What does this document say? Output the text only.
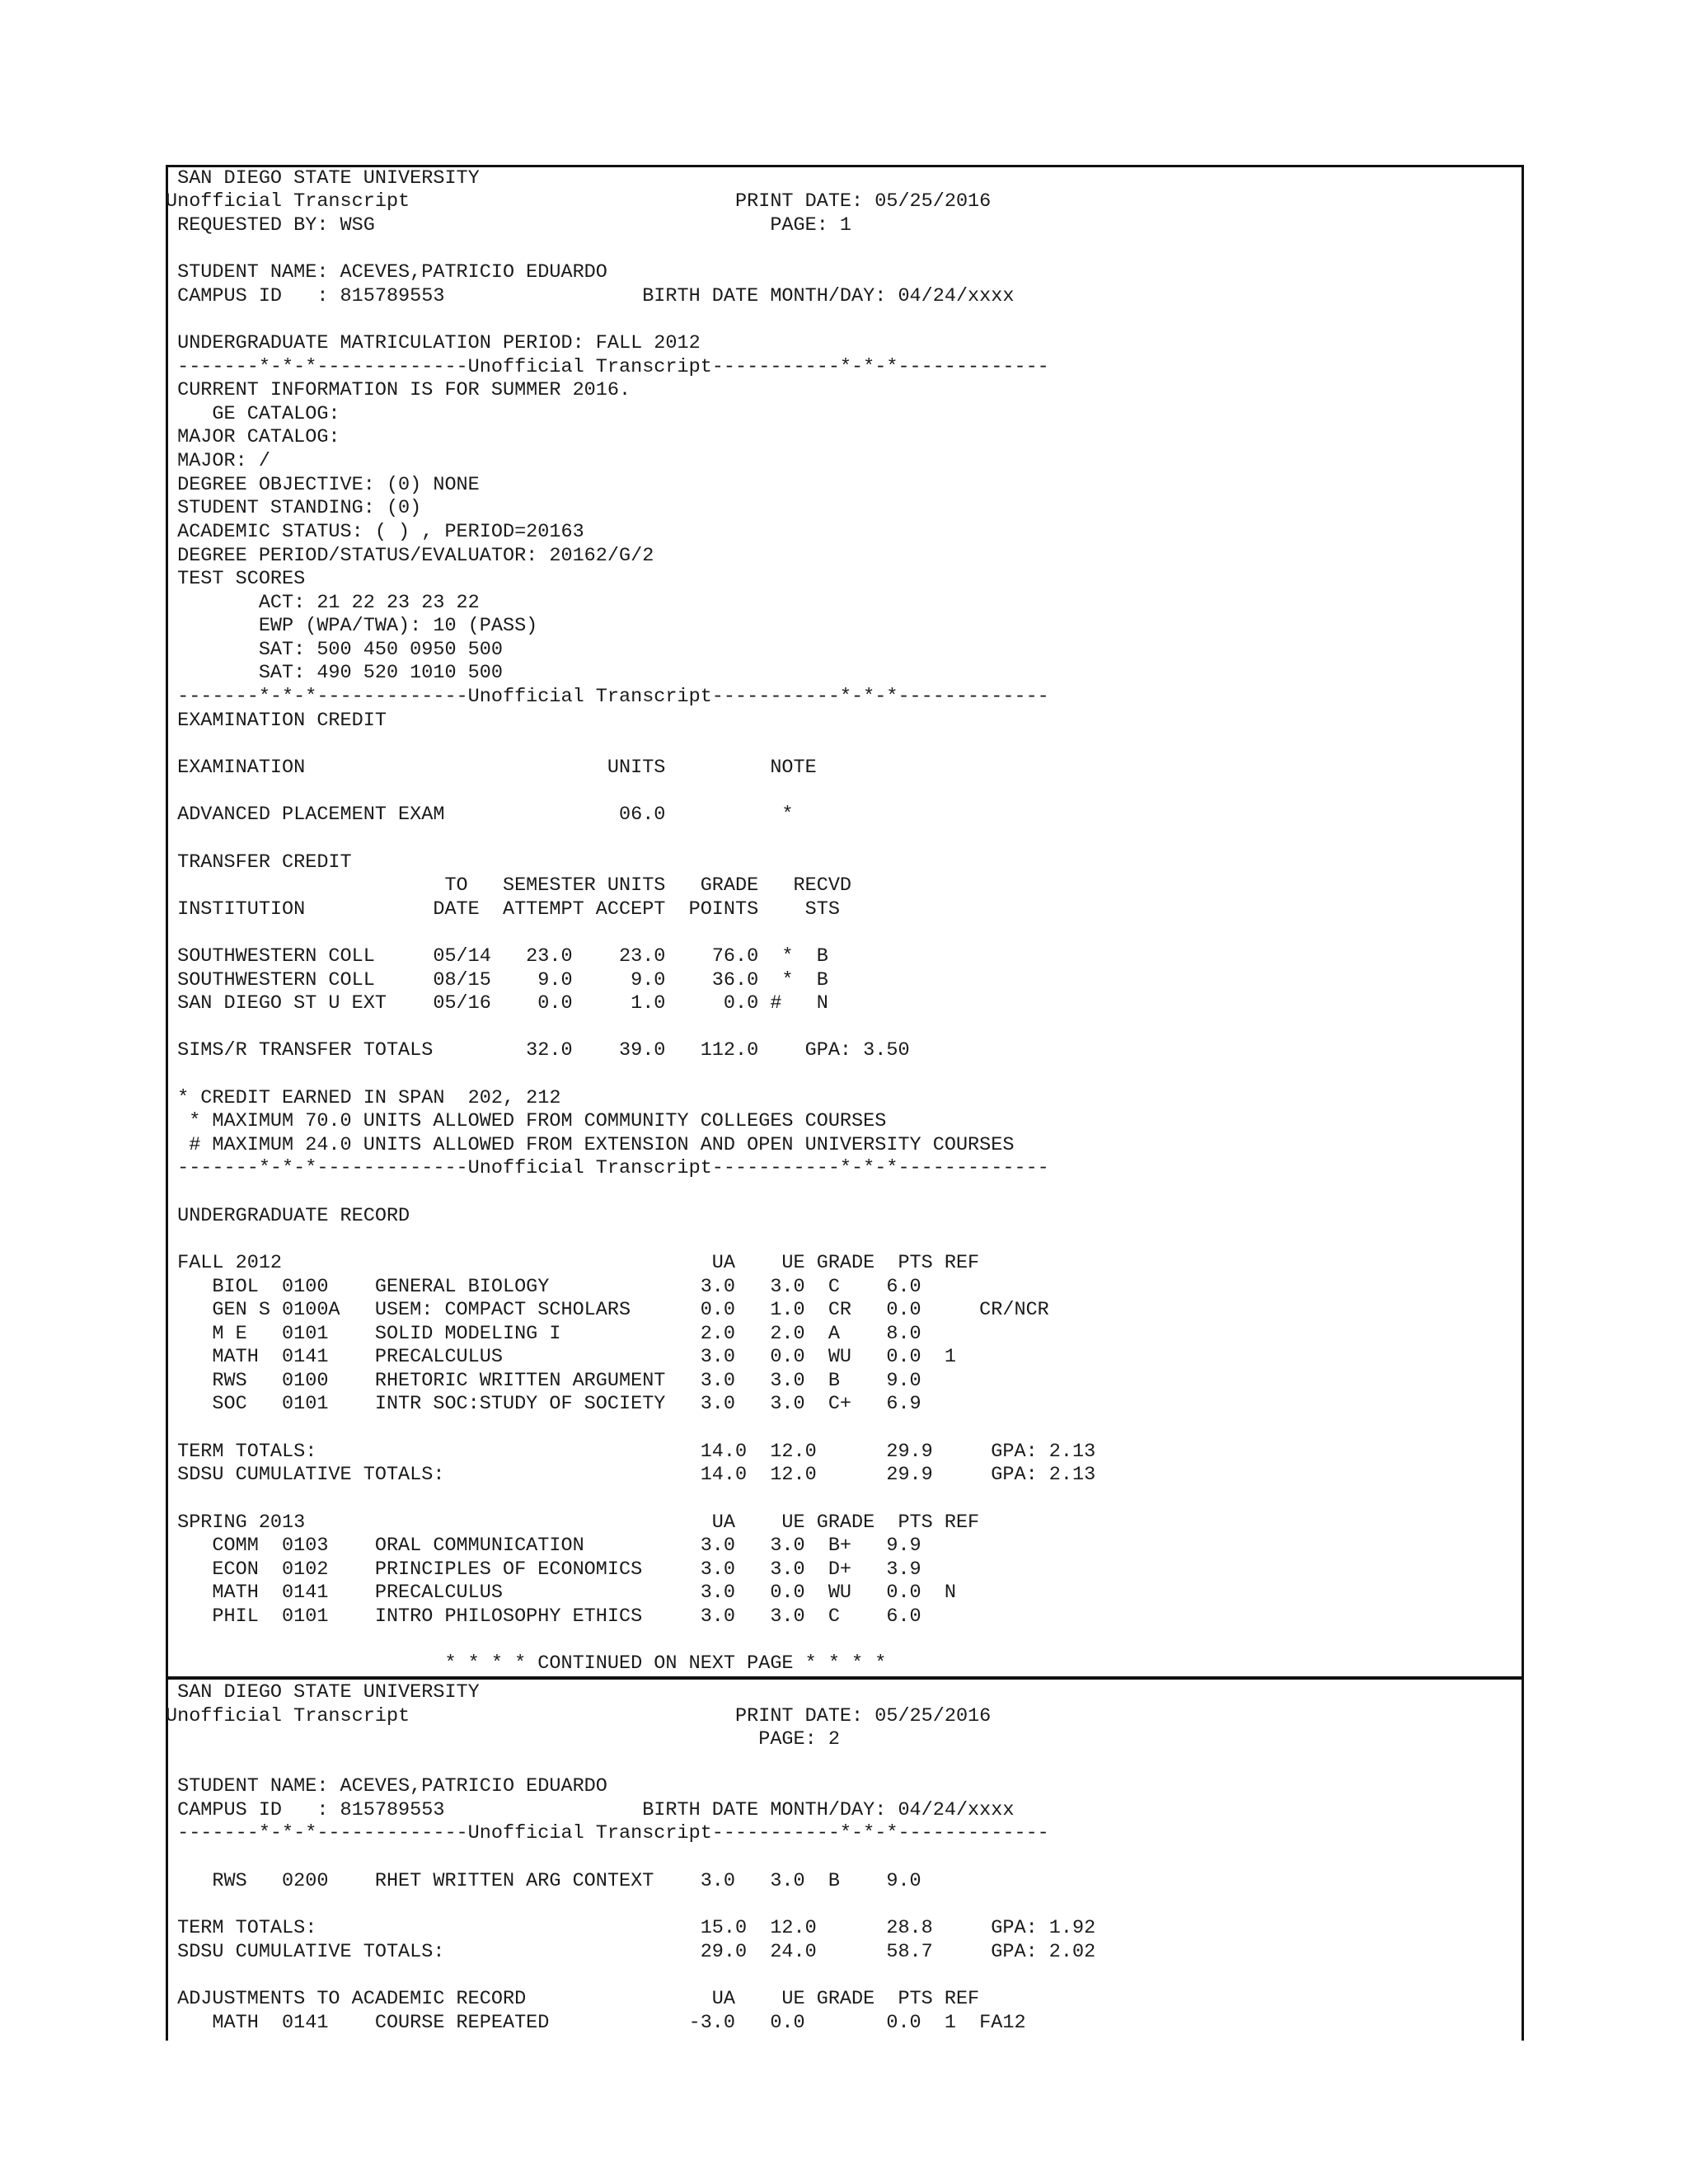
SAN DIEGO STATE UNIVERSITY
Unofficial Transcript                            PRINT DATE: 05/25/2016
REQUESTED BY: WSG                                  PAGE: 1
STUDENT NAME: ACEVES,PATRICIO EDUARDO
CAMPUS ID   : 815789553                 BIRTH DATE MONTH/DAY: 04/24/xxxx
UNDERGRADUATE MATRICULATION PERIOD: FALL 2012
-------*-*-*-------------Unofficial Transcript-----------*-*-*-------------
CURRENT INFORMATION IS FOR SUMMER 2016.
GE CATALOG:
MAJOR CATALOG:
MAJOR: /
DEGREE OBJECTIVE: (0) NONE
STUDENT STANDING: (0)
ACADEMIC STATUS: ( ) , PERIOD=20163
DEGREE PERIOD/STATUS/EVALUATOR: 20162/G/2
TEST SCORES
ACT: 21 22 23 23 22
EWP (WPA/TWA): 10 (PASS)
SAT: 500 450 0950 500
SAT: 490 520 1010 500
-------*-*-*-------------Unofficial Transcript-----------*-*-*-------------
EXAMINATION CREDIT
EXAMINATION                          UNITS         NOTE
ADVANCED PLACEMENT EXAM               06.0          *
TRANSFER CREDIT
TO   SEMESTER UNITS   GRADE   RECVD
INSTITUTION           DATE  ATTEMPT ACCEPT  POINTS    STS
SOUTHWESTERN COLL     05/14   23.0    23.0    76.0  *  B
SOUTHWESTERN COLL     08/15    9.0     9.0    36.0  *  B
SAN DIEGO ST U EXT    05/16    0.0     1.0     0.0 #   N
SIMS/R TRANSFER TOTALS        32.0    39.0   112.0    GPA: 3.50
* CREDIT EARNED IN SPAN  202, 212
* MAXIMUM 70.0 UNITS ALLOWED FROM COMMUNITY COLLEGES COURSES
# MAXIMUM 24.0 UNITS ALLOWED FROM EXTENSION AND OPEN UNIVERSITY COURSES
-------*-*-*-------------Unofficial Transcript-----------*-*-*-------------
UNDERGRADUATE RECORD
FALL 2012                                     UA    UE GRADE  PTS REF
BIOL  0100    GENERAL BIOLOGY             3.0   3.0  C    6.0
GEN S 0100A   USEM: COMPACT SCHOLARS      0.0   1.0  CR   0.0     CR/NCR
M E   0101    SOLID MODELING I            2.0   2.0  A    8.0
MATH  0141    PRECALCULUS                 3.0   0.0  WU   0.0  1
RWS   0100    RHETORIC WRITTEN ARGUMENT   3.0   3.0  B    9.0
SOC   0101    INTR SOC:STUDY OF SOCIETY   3.0   3.0  C+   6.9
TERM TOTALS:                                 14.0  12.0      29.9     GPA: 2.13
SDSU CUMULATIVE TOTALS:                      14.0  12.0      29.9     GPA: 2.13
SPRING 2013                                   UA    UE GRADE  PTS REF
COMM  0103    ORAL COMMUNICATION          3.0   3.0  B+   9.9
ECON  0102    PRINCIPLES OF ECONOMICS     3.0   3.0  D+   3.9
MATH  0141    PRECALCULUS                 3.0   0.0  WU   0.0  N
PHIL  0101    INTRO PHILOSOPHY ETHICS     3.0   3.0  C    6.0
* * * * CONTINUED ON NEXT PAGE * * * *
SAN DIEGO STATE UNIVERSITY
Unofficial Transcript                            PRINT DATE: 05/25/2016
PAGE: 2
STUDENT NAME: ACEVES,PATRICIO EDUARDO
CAMPUS ID   : 815789553                 BIRTH DATE MONTH/DAY: 04/24/xxxx
-------*-*-*-------------Unofficial Transcript-----------*-*-*-------------
RWS   0200    RHET WRITTEN ARG CONTEXT    3.0   3.0  B    9.0
TERM TOTALS:                                 15.0  12.0      28.8     GPA: 1.92
SDSU CUMULATIVE TOTALS:                      29.0  24.0      58.7     GPA: 2.02
ADJUSTMENTS TO ACADEMIC RECORD                UA    UE GRADE  PTS REF
MATH  0141    COURSE REPEATED            -3.0   0.0       0.0  1  FA12
